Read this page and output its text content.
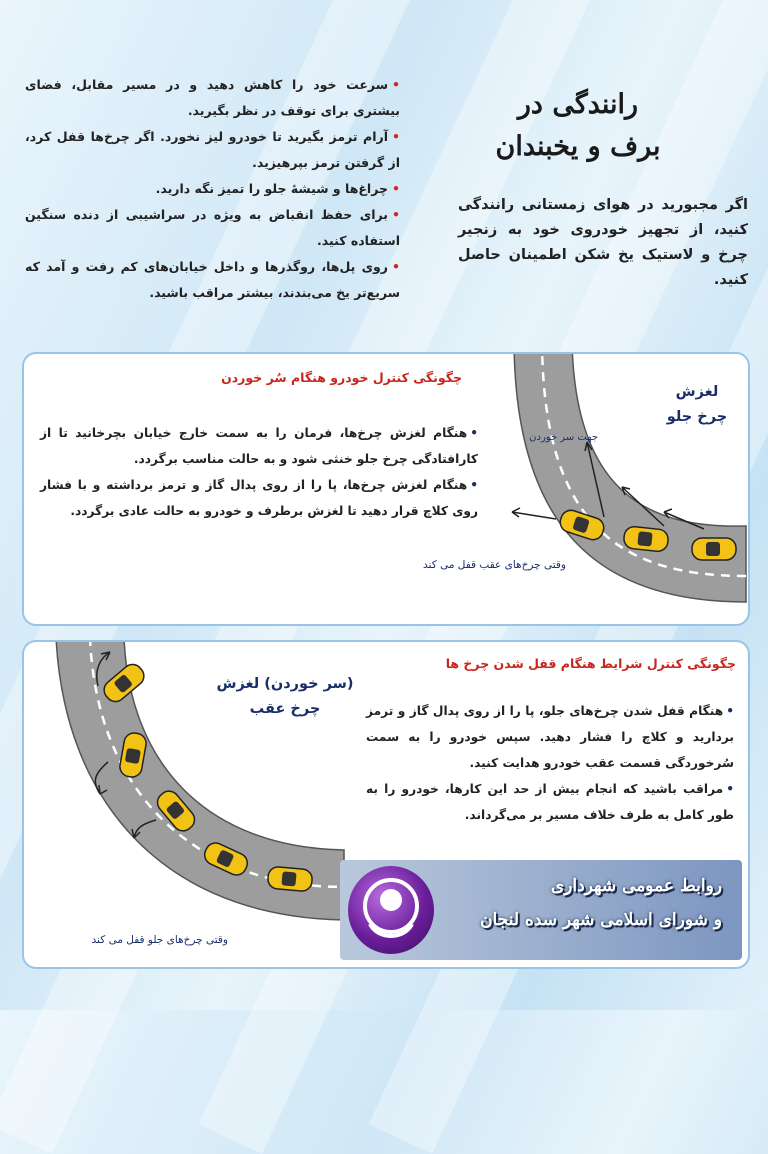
رانندگی در
برف و یخبندان

اگر مجبورید در هوای زمستانی رانندگی کنید، از تجهیز خودروی خود به زنجیر چرخ و لاستیک یخ شکن اطمینان حاصل کنید.

•سرعت خود را کاهش دهید و در مسیر مقابل، فضای بیشتری برای توقف در نظر بگیرید.
•آرام ترمز بگیرید تا خودرو لیز نخورد. اگر چرخ‌ها قفل کرد، از گرفتن ترمز بپرهیزید.
•چراغ‌ها و شیشهٔ جلو را تمیز نگه دارید.
•برای حفظ انقباض به ویژه در سراشیبی از دنده سنگین استفاده کنید.
•روی پل‌ها، روگذرها و داخل خیابان‌های کم رفت و آمد که سریع‌تر یخ می‌بندند، بیشتر مراقب باشید.

چگونگی کنترل خودرو هنگام سُر خوردن

لغزش
چرخ جلو

جهت سر خوردن

وقتی چرخ‌های عقب قفل می کند

•هنگام لغزش چرخ‌ها، فرمان را به سمت خارج خیابان بچرخانید تا از کارافتادگی چرخ جلو خنثی شود و به حالت مناسب برگردد.
•هنگام لغزش چرخ‌ها، پا را از روی پدال گاز و ترمز برداشته و با فشار روی کلاچ قرار دهید تا لغزش برطرف و خودرو به حالت عادی برگردد.

چگونگی کنترل شرایط هنگام قفل شدن چرخ ها

(سر خوردن) لغزش
چرخ عقب

وقتی چرخ‌های جلو قفل می کند

•هنگام قفل شدن چرخ‌های جلو، پا را از روی پدال گاز و ترمز بردارید و کلاچ را فشار دهید. سپس خودرو را به سمت سُرخوردگی قسمت عقب خودرو هدایت کنید.
•مراقب باشید که انجام بیش از حد این کارها، خودرو را به طور کامل به طرف خلاف مسیر بر می‌گرداند.

روابط عمومی شهرداری

و شورای اسلامی شهر سده لنجان
